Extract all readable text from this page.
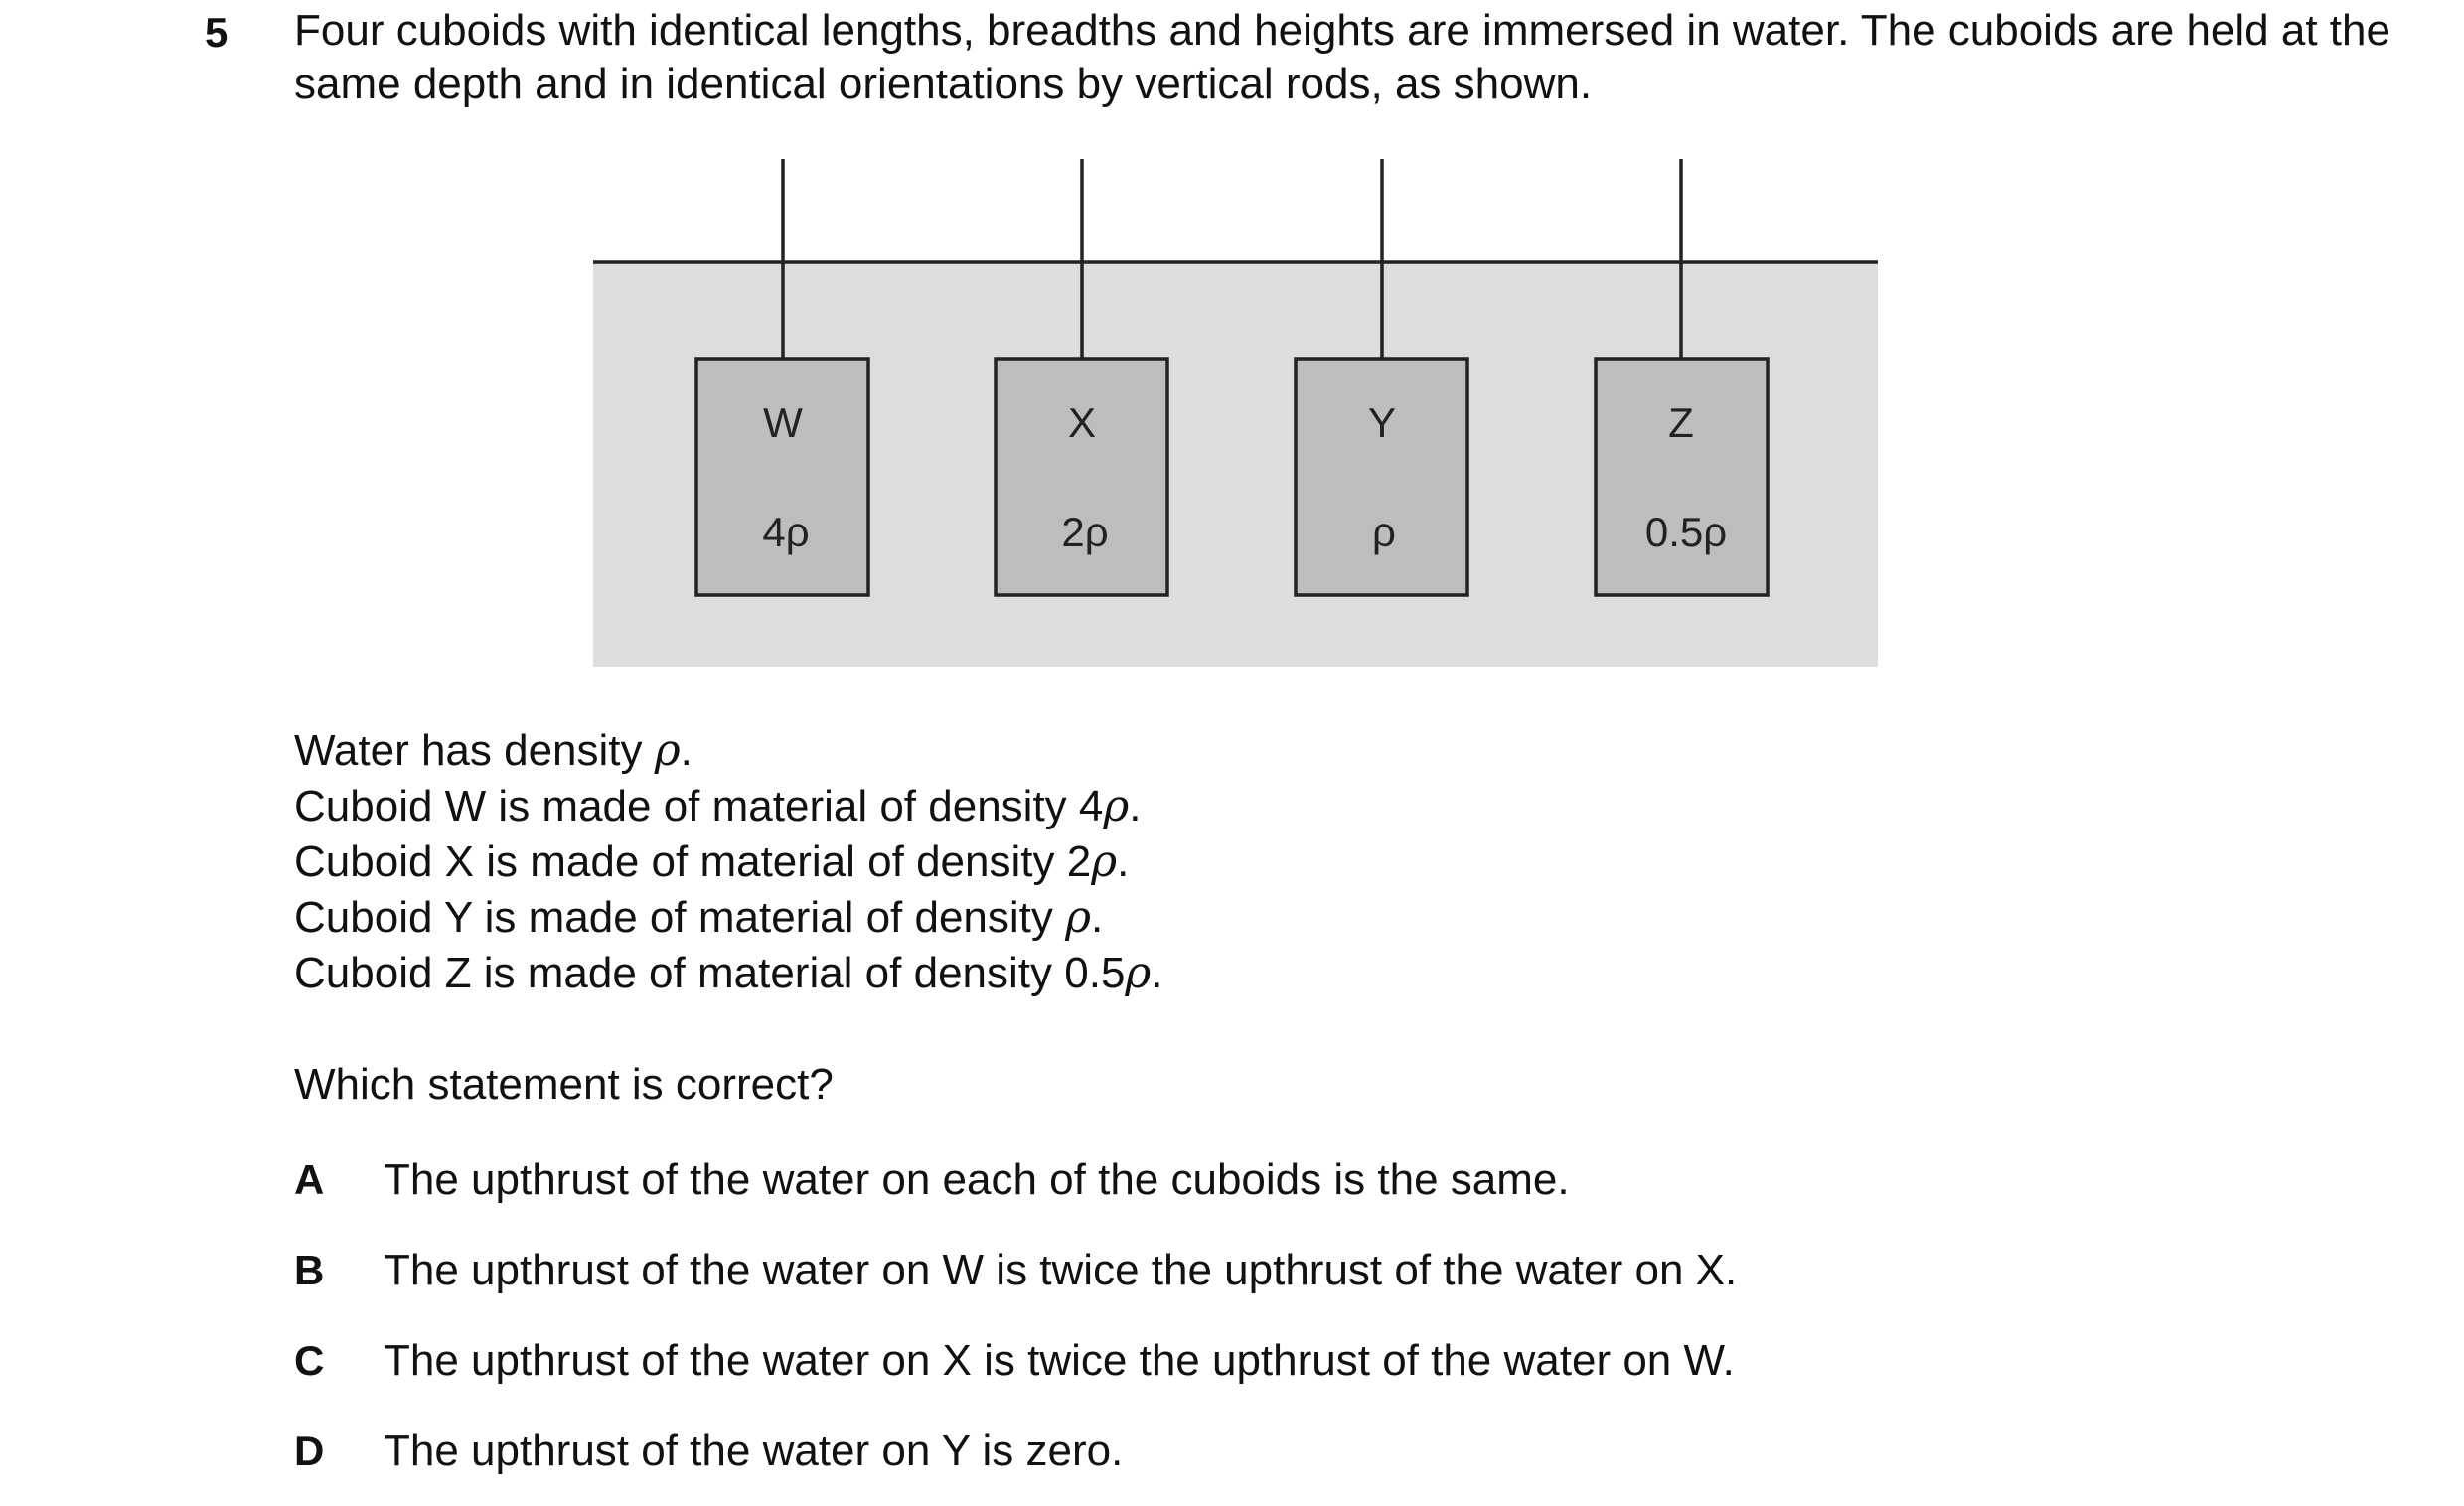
5 Four cuboids with identical lengths, breadths and heights are immersed in water. The cuboids are held at the same depth and in identical orientations by vertical rods, as shown.

W
4ρ
X
2ρ
Y
ρ
Z
0.5ρ
Water has density ρ.
Cuboid W is made of material of density 4ρ.
Cuboid X is made of material of density 2ρ.
Cuboid Y is made of material of density ρ.
Cuboid Z is made of material of density 0.5ρ.
Which statement is correct?
A The upthrust of the water on each of the cuboids is the same.
B The upthrust of the water on W is twice the upthrust of the water on X.
C The upthrust of the water on X is twice the upthrust of the water on W.
D The upthrust of the water on Y is zero.
